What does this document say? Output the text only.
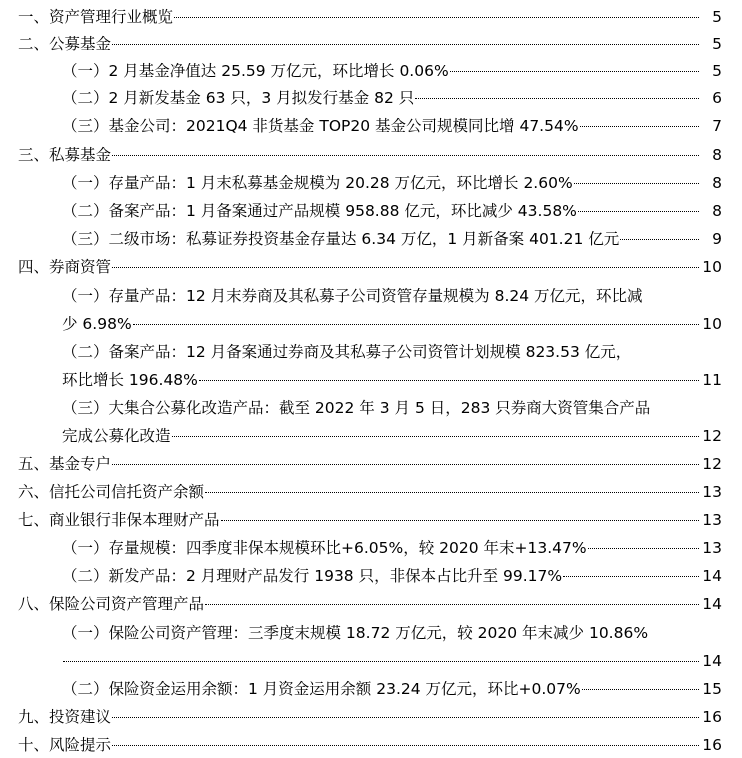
一、资产管理行业概览	5
二、公募基金	5
（一）2 月基金净值达 25.59 万亿元，环比增长 0.06%	5
（二）2 月新发基金 63 只，3 月拟发行基金 82 只	6
（三）基金公司：2021Q4 非货基金 TOP20 基金公司规模同比增 47.54%	7
三、私募基金	8
（一）存量产品：1 月末私募基金规模为 20.28 万亿元，环比增长 2.60%	8
（二）备案产品：1 月备案通过产品规模 958.88 亿元，环比减少 43.58%	8
（三）二级市场：私募证券投资基金存量达 6.34 万亿，1 月新备案 401.21 亿元	9
四、券商资管	10
（一）存量产品：12 月末券商及其私募子公司资管存量规模为 8.24 万亿元，环比减
少 6.98%	10
（二）备案产品：12 月备案通过券商及其私募子公司资管计划规模 823.53 亿元，
环比增长 196.48%	11
（三）大集合公募化改造产品：截至 2022 年 3 月 5 日，283 只券商大资管集合产品
完成公募化改造	12
五、基金专户	12
六、信托公司信托资产余额	13
七、商业银行非保本理财产品	13
（一）存量规模：四季度非保本规模环比+6.05%，较 2020 年末+13.47%	13
（二）新发产品：2 月理财产品发行 1938 只，非保本占比升至 99.17%	14
八、保险公司资产管理产品	14
（一）保险公司资产管理：三季度末规模 18.72 万亿元，较 2020 年末减少 10.86%
14
（二）保险资金运用余额：1 月资金运用余额 23.24 万亿元，环比+0.07%	15
九、投资建议	16
十、风险提示	16
